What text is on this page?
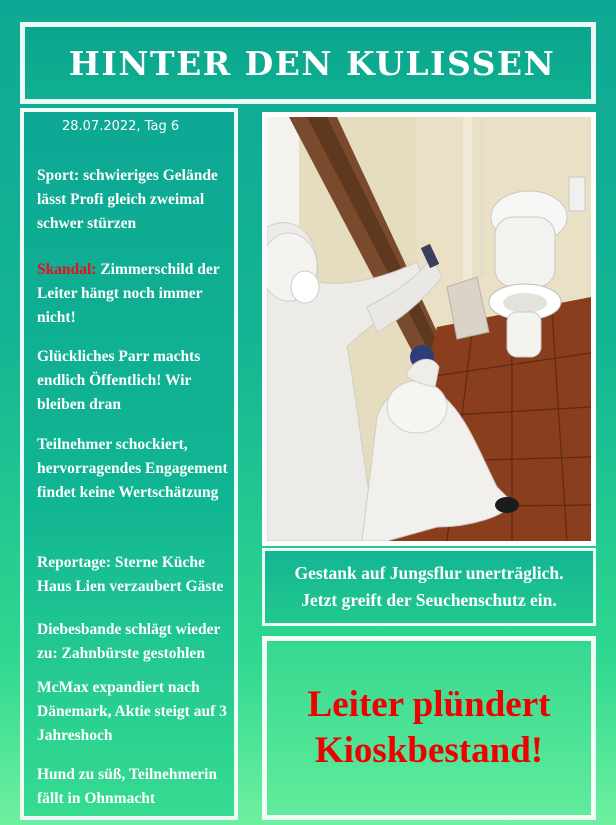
HINTER DEN KULISSEN
28.07.2022, Tag 6

Sport: schwieriges Gelände lässt Profi gleich zweimal schwer stürzen

Skandal: Zimmerschild der Leiter hängt noch immer nicht!

Glückliches Parr machts endlich Öffentlich! Wir bleiben dran

Teilnehmer schockiert, hervorragendes Engagement findet keine Wertschätzung

Reportage: Sterne Küche Haus Lien verzaubert Gäste

Diebesbande schlägt wieder zu: Zahnbürste gestohlen

McMax expandiert nach Dänemark, Aktie steigt auf 3 Jahreshoch

Hund zu süß, Teilnehmerin fällt in Ohnmacht

Gestank auf Jungsflur unerträglich.

Jetzt greift der Seuchenschutz ein.

Leiter plündert

Kioskbestand!
